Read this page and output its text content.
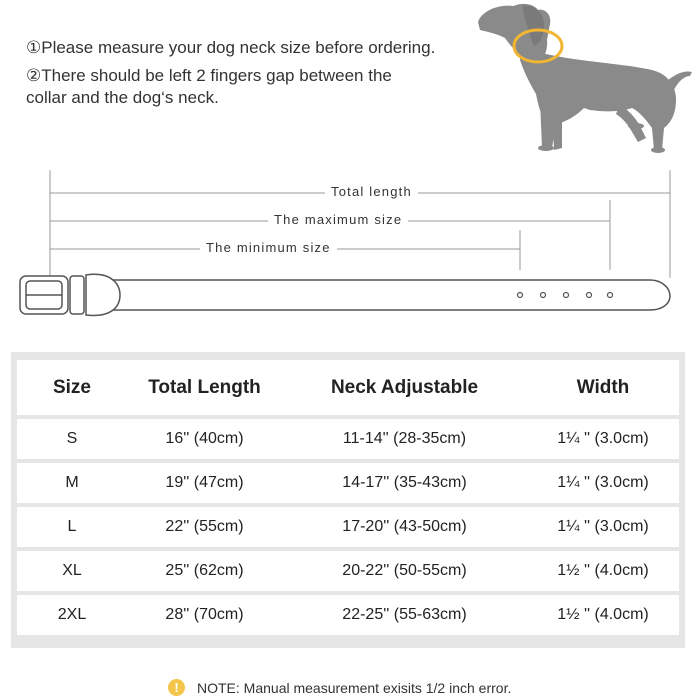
①Please measure your dog neck size before ordering.
②There should be left 2 fingers gap between the collar and the dog‘s neck.
Total length
The maximum size
The minimum size
Size	Total Length	Neck Adjustable	Width
S	16'' (40cm)	11-14'' (28-35cm)	1¼ '' (3.0cm)
M	19'' (47cm)	14-17'' (35-43cm)	1¼ '' (3.0cm)
L	22'' (55cm)	17-20'' (43-50cm)	1¼ '' (3.0cm)
XL	25'' (62cm)	20-22'' (50-55cm)	1½ '' (4.0cm)
2XL	28'' (70cm)	22-25'' (55-63cm)	1½ '' (4.0cm)
!	NOTE: Manual measurement exisits 1/2 inch error.
